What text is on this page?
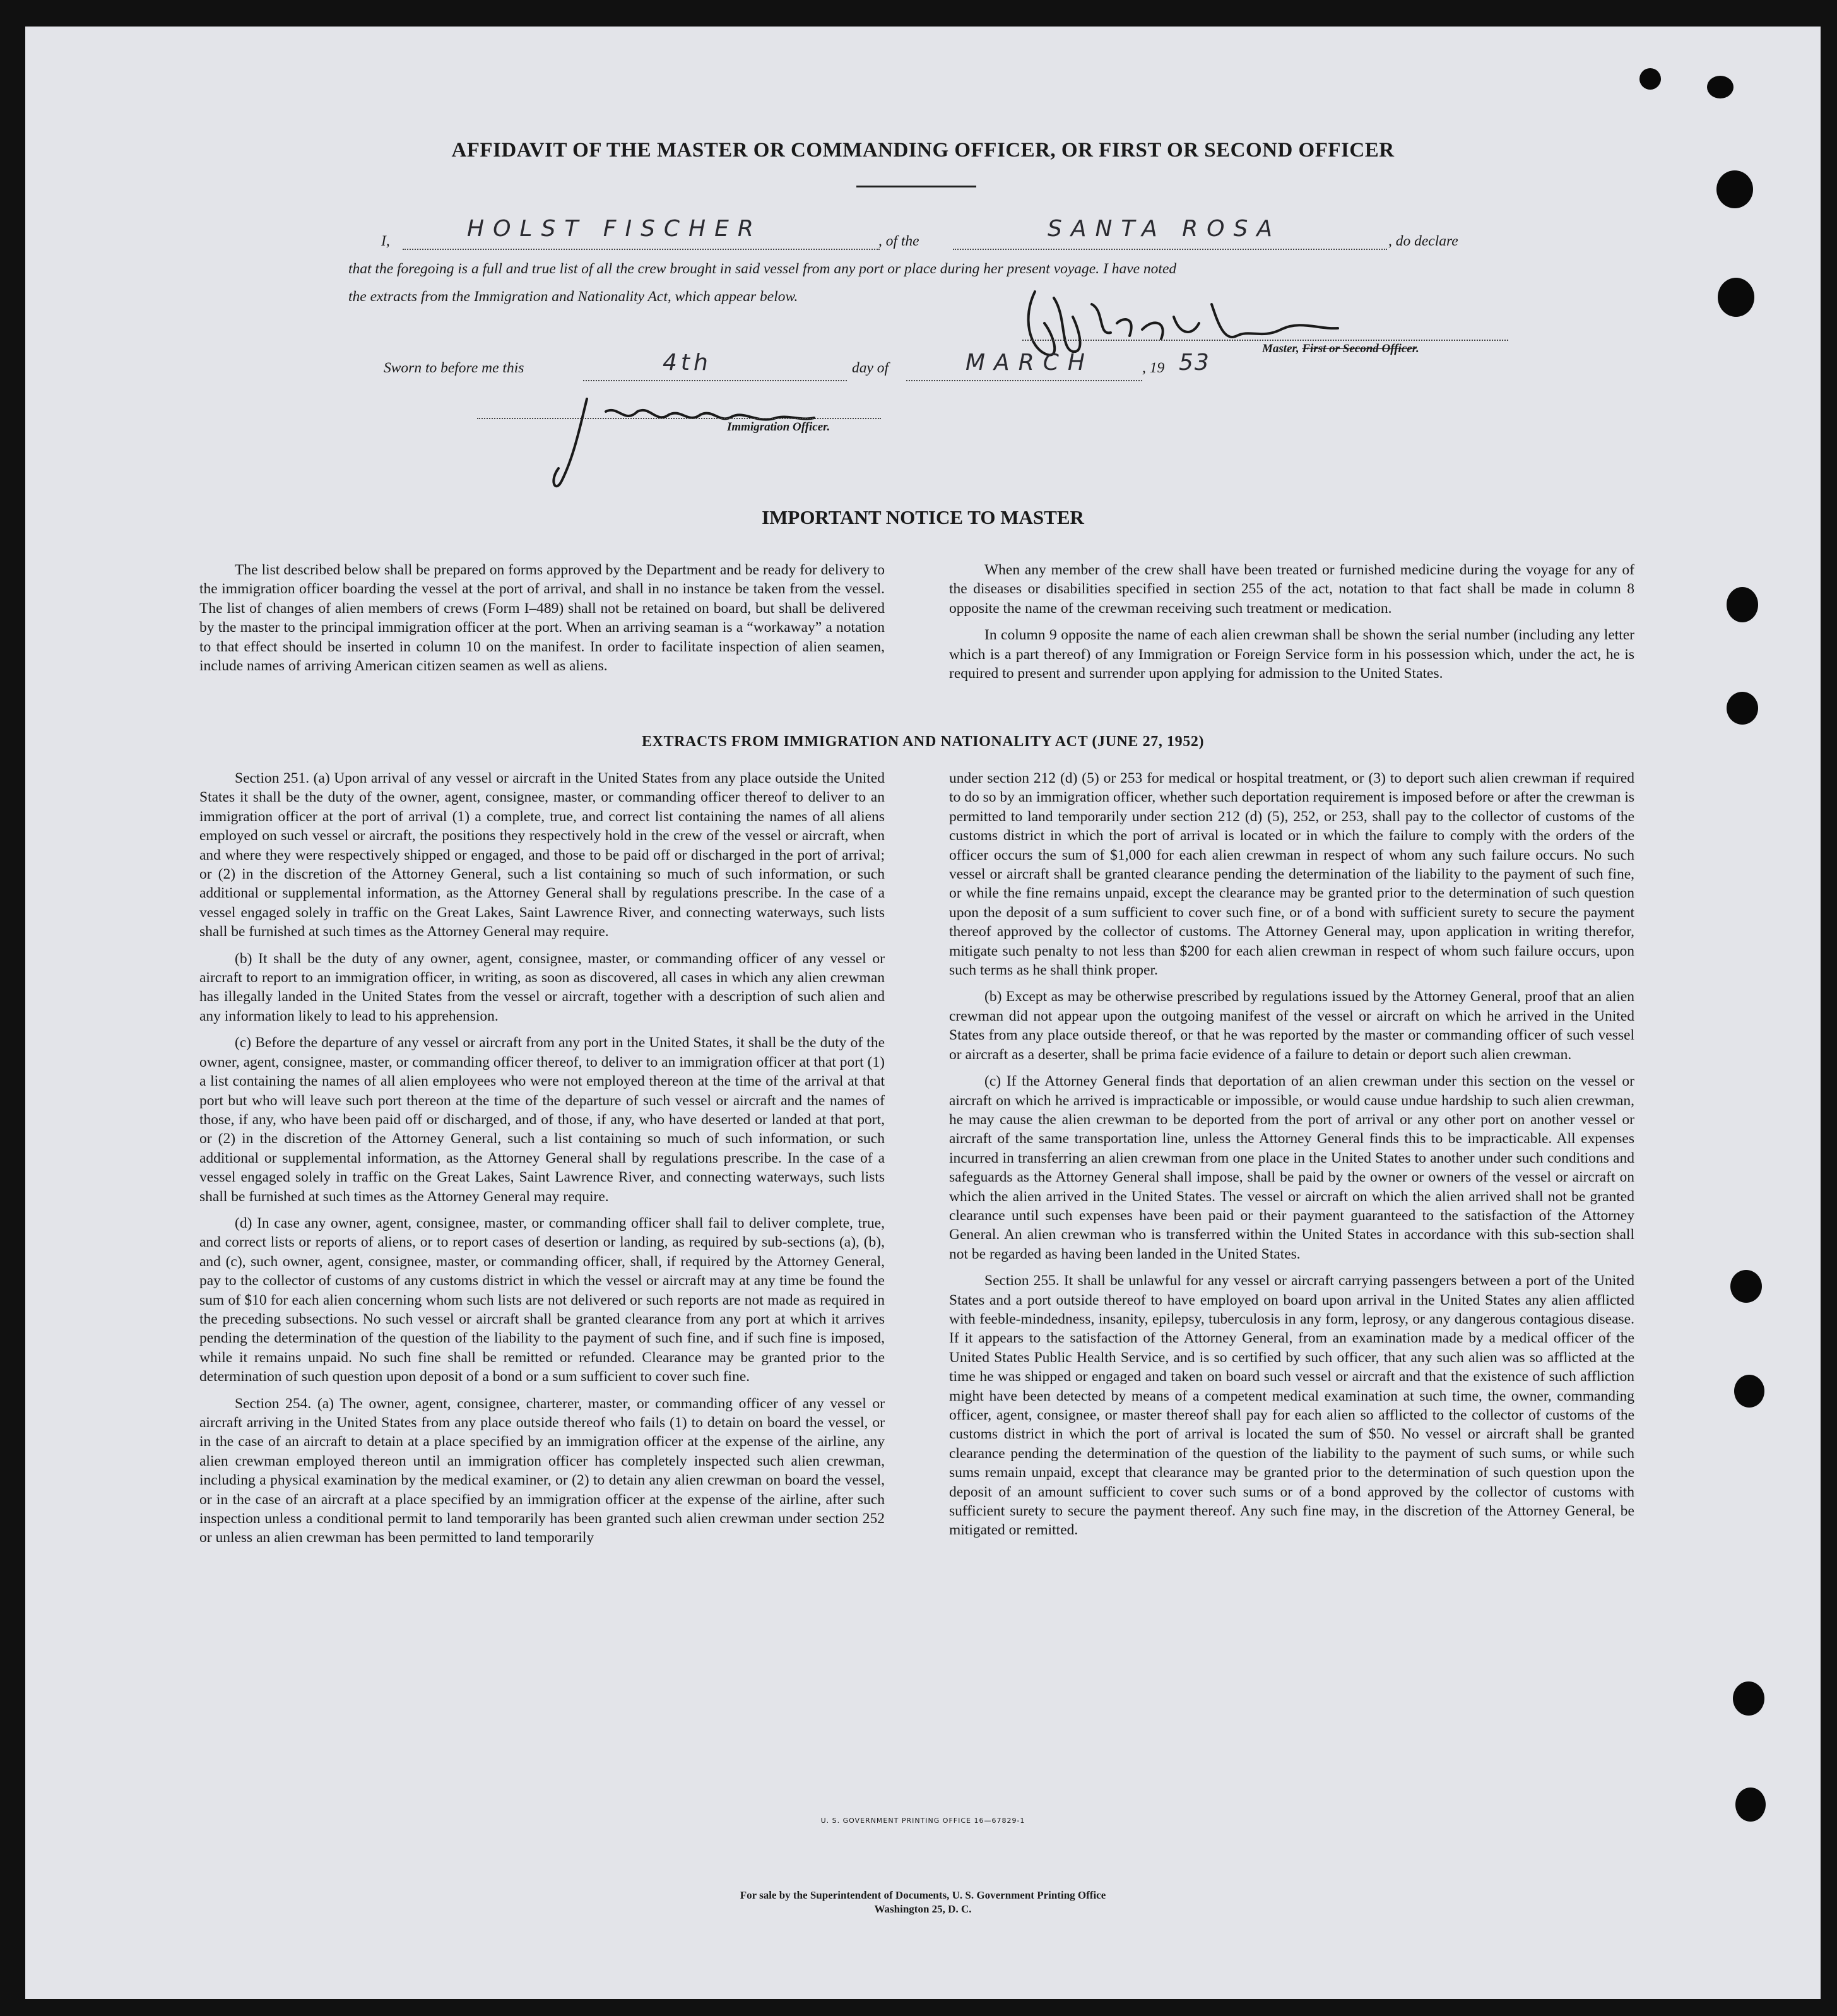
AFFIDAVIT OF THE MASTER OR COMMANDING OFFICER, OR FIRST OR SECOND OFFICER
I,	HOLST FISCHER	, of the	SANTA ROSA	, do declare
that the foregoing is a full and true list of all the crew brought in said vessel from any port or place during her present voyage. I have noted
the extracts from the Immigration and Nationality Act, which appear below.
Master, First or Second Officer.
Sworn to before me this	4th	day of	MARCH	, 19 53
Immigration Officer.
IMPORTANT NOTICE TO MASTER

The list described below shall be prepared on forms approved by the Department and be ready for delivery to the immigration officer boarding the vessel at the port of arrival, and shall in no instance be taken from the vessel. The list of changes of alien members of crews (Form I–489) shall not be retained on board, but shall be delivered by the master to the principal immigration officer at the port. When an arriving seaman is a “workaway” a notation to that effect should be inserted in column 10 on the manifest. In order to facilitate inspection of alien seamen, include names of arriving American citizen seamen as well as aliens.

When any member of the crew shall have been treated or furnished medicine during the voyage for any of the diseases or disabilities specified in section 255 of the act, notation to that fact shall be made in column 8 opposite the name of the crewman receiving such treatment or medication.

In column 9 opposite the name of each alien crewman shall be shown the serial number (including any letter which is a part thereof) of any Immigration or Foreign Service form in his possession which, under the act, he is required to present and surrender upon applying for admission to the United States.

EXTRACTS FROM IMMIGRATION AND NATIONALITY ACT (JUNE 27, 1952)

Section 251. (a) Upon arrival of any vessel or aircraft in the United States from any place outside the United States it shall be the duty of the owner, agent, consignee, master, or commanding officer thereof to deliver to an immigration officer at the port of arrival (1) a complete, true, and correct list containing the names of all aliens employed on such vessel or aircraft, the positions they respectively hold in the crew of the vessel or aircraft, when and where they were respectively shipped or engaged, and those to be paid off or discharged in the port of arrival; or (2) in the discretion of the Attorney General, such a list containing so much of such information, or such additional or supplemental information, as the Attorney General shall by regulations prescribe. In the case of a vessel engaged solely in traffic on the Great Lakes, Saint Lawrence River, and connecting waterways, such lists shall be furnished at such times as the Attorney General may require.

(b) It shall be the duty of any owner, agent, consignee, master, or commanding officer of any vessel or aircraft to report to an immigration officer, in writing, as soon as discovered, all cases in which any alien crewman has illegally landed in the United States from the vessel or aircraft, together with a description of such alien and any information likely to lead to his apprehension.

(c) Before the departure of any vessel or aircraft from any port in the United States, it shall be the duty of the owner, agent, consignee, master, or commanding officer thereof, to deliver to an immigration officer at that port (1) a list containing the names of all alien employees who were not employed thereon at the time of the arrival at that port but who will leave such port thereon at the time of the departure of such vessel or aircraft and the names of those, if any, who have been paid off or discharged, and of those, if any, who have deserted or landed at that port, or (2) in the discretion of the Attorney General, such a list containing so much of such information, or such additional or supplemental information, as the Attorney General shall by regulations prescribe. In the case of a vessel engaged solely in traffic on the Great Lakes, Saint Lawrence River, and connecting waterways, such lists shall be furnished at such times as the Attorney General may require.

(d) In case any owner, agent, consignee, master, or commanding officer shall fail to deliver complete, true, and correct lists or reports of aliens, or to report cases of desertion or landing, as required by sub-sections (a), (b), and (c), such owner, agent, consignee, master, or commanding officer, shall, if required by the Attorney General, pay to the collector of customs of any customs district in which the vessel or aircraft may at any time be found the sum of $10 for each alien concerning whom such lists are not delivered or such reports are not made as required in the preceding subsections. No such vessel or aircraft shall be granted clearance from any port at which it arrives pending the determination of the question of the liability to the payment of such fine, and if such fine is imposed, while it remains unpaid. No such fine shall be remitted or refunded. Clearance may be granted prior to the determination of such question upon deposit of a bond or a sum sufficient to cover such fine.

Section 254. (a) The owner, agent, consignee, charterer, master, or commanding officer of any vessel or aircraft arriving in the United States from any place outside thereof who fails (1) to detain on board the vessel, or in the case of an aircraft to detain at a place specified by an immigration officer at the expense of the airline, any alien crewman employed thereon until an immigration officer has completely inspected such alien crewman, including a physical examination by the medical examiner, or (2) to detain any alien crewman on board the vessel, or in the case of an aircraft at a place specified by an immigration officer at the expense of the airline, after such inspection unless a conditional permit to land temporarily has been granted such alien crewman under section 252 or unless an alien crewman has been permitted to land temporarily

under section 212 (d) (5) or 253 for medical or hospital treatment, or (3) to deport such alien crewman if required to do so by an immigration officer, whether such deportation requirement is imposed before or after the crewman is permitted to land temporarily under section 212 (d) (5), 252, or 253, shall pay to the collector of customs of the customs district in which the port of arrival is located or in which the failure to comply with the orders of the officer occurs the sum of $1,000 for each alien crewman in respect of whom any such failure occurs. No such vessel or aircraft shall be granted clearance pending the determination of the liability to the payment of such fine, or while the fine remains unpaid, except the clearance may be granted prior to the determination of such question upon the deposit of a sum sufficient to cover such fine, or of a bond with sufficient surety to secure the payment thereof approved by the collector of customs. The Attorney General may, upon application in writing therefor, mitigate such penalty to not less than $200 for each alien crewman in respect of whom such failure occurs, upon such terms as he shall think proper.

(b) Except as may be otherwise prescribed by regulations issued by the Attorney General, proof that an alien crewman did not appear upon the outgoing manifest of the vessel or aircraft on which he arrived in the United States from any place outside thereof, or that he was reported by the master or commanding officer of such vessel or aircraft as a deserter, shall be prima facie evidence of a failure to detain or deport such alien crewman.

(c) If the Attorney General finds that deportation of an alien crewman under this section on the vessel or aircraft on which he arrived is impracticable or impossible, or would cause undue hardship to such alien crewman, he may cause the alien crewman to be deported from the port of arrival or any other port on another vessel or aircraft of the same transportation line, unless the Attorney General finds this to be impracticable. All expenses incurred in transferring an alien crewman from one place in the United States to another under such conditions and safeguards as the Attorney General shall impose, shall be paid by the owner or owners of the vessel or aircraft on which the alien arrived in the United States. The vessel or aircraft on which the alien arrived shall not be granted clearance until such expenses have been paid or their payment guaranteed to the satisfaction of the Attorney General. An alien crewman who is transferred within the United States in accordance with this sub-section shall not be regarded as having been landed in the United States.

Section 255. It shall be unlawful for any vessel or aircraft carrying passengers between a port of the United States and a port outside thereof to have employed on board upon arrival in the United States any alien afflicted with feeble-mindedness, insanity, epilepsy, tuberculosis in any form, leprosy, or any dangerous contagious disease. If it appears to the satisfaction of the Attorney General, from an examination made by a medical officer of the United States Public Health Service, and is so certified by such officer, that any such alien was so afflicted at the time he was shipped or engaged and taken on board such vessel or aircraft and that the existence of such affliction might have been detected by means of a competent medical examination at such time, the owner, commanding officer, agent, consignee, or master thereof shall pay for each alien so afflicted to the collector of customs of the customs district in which the port of arrival is located the sum of $50. No vessel or aircraft shall be granted clearance pending the determination of the question of the liability to the payment of such sums, or while such sums remain unpaid, except that clearance may be granted prior to the determination of such question upon the deposit of an amount sufficient to cover such sums or of a bond approved by the collector of customs with sufficient surety to secure the payment thereof. Any such fine may, in the discretion of the Attorney General, be mitigated or remitted.

U. S. GOVERNMENT PRINTING OFFICE 16—67829-1
For sale by the Superintendent of Documents, U. S. Government Printing Office
Washington 25, D. C.
